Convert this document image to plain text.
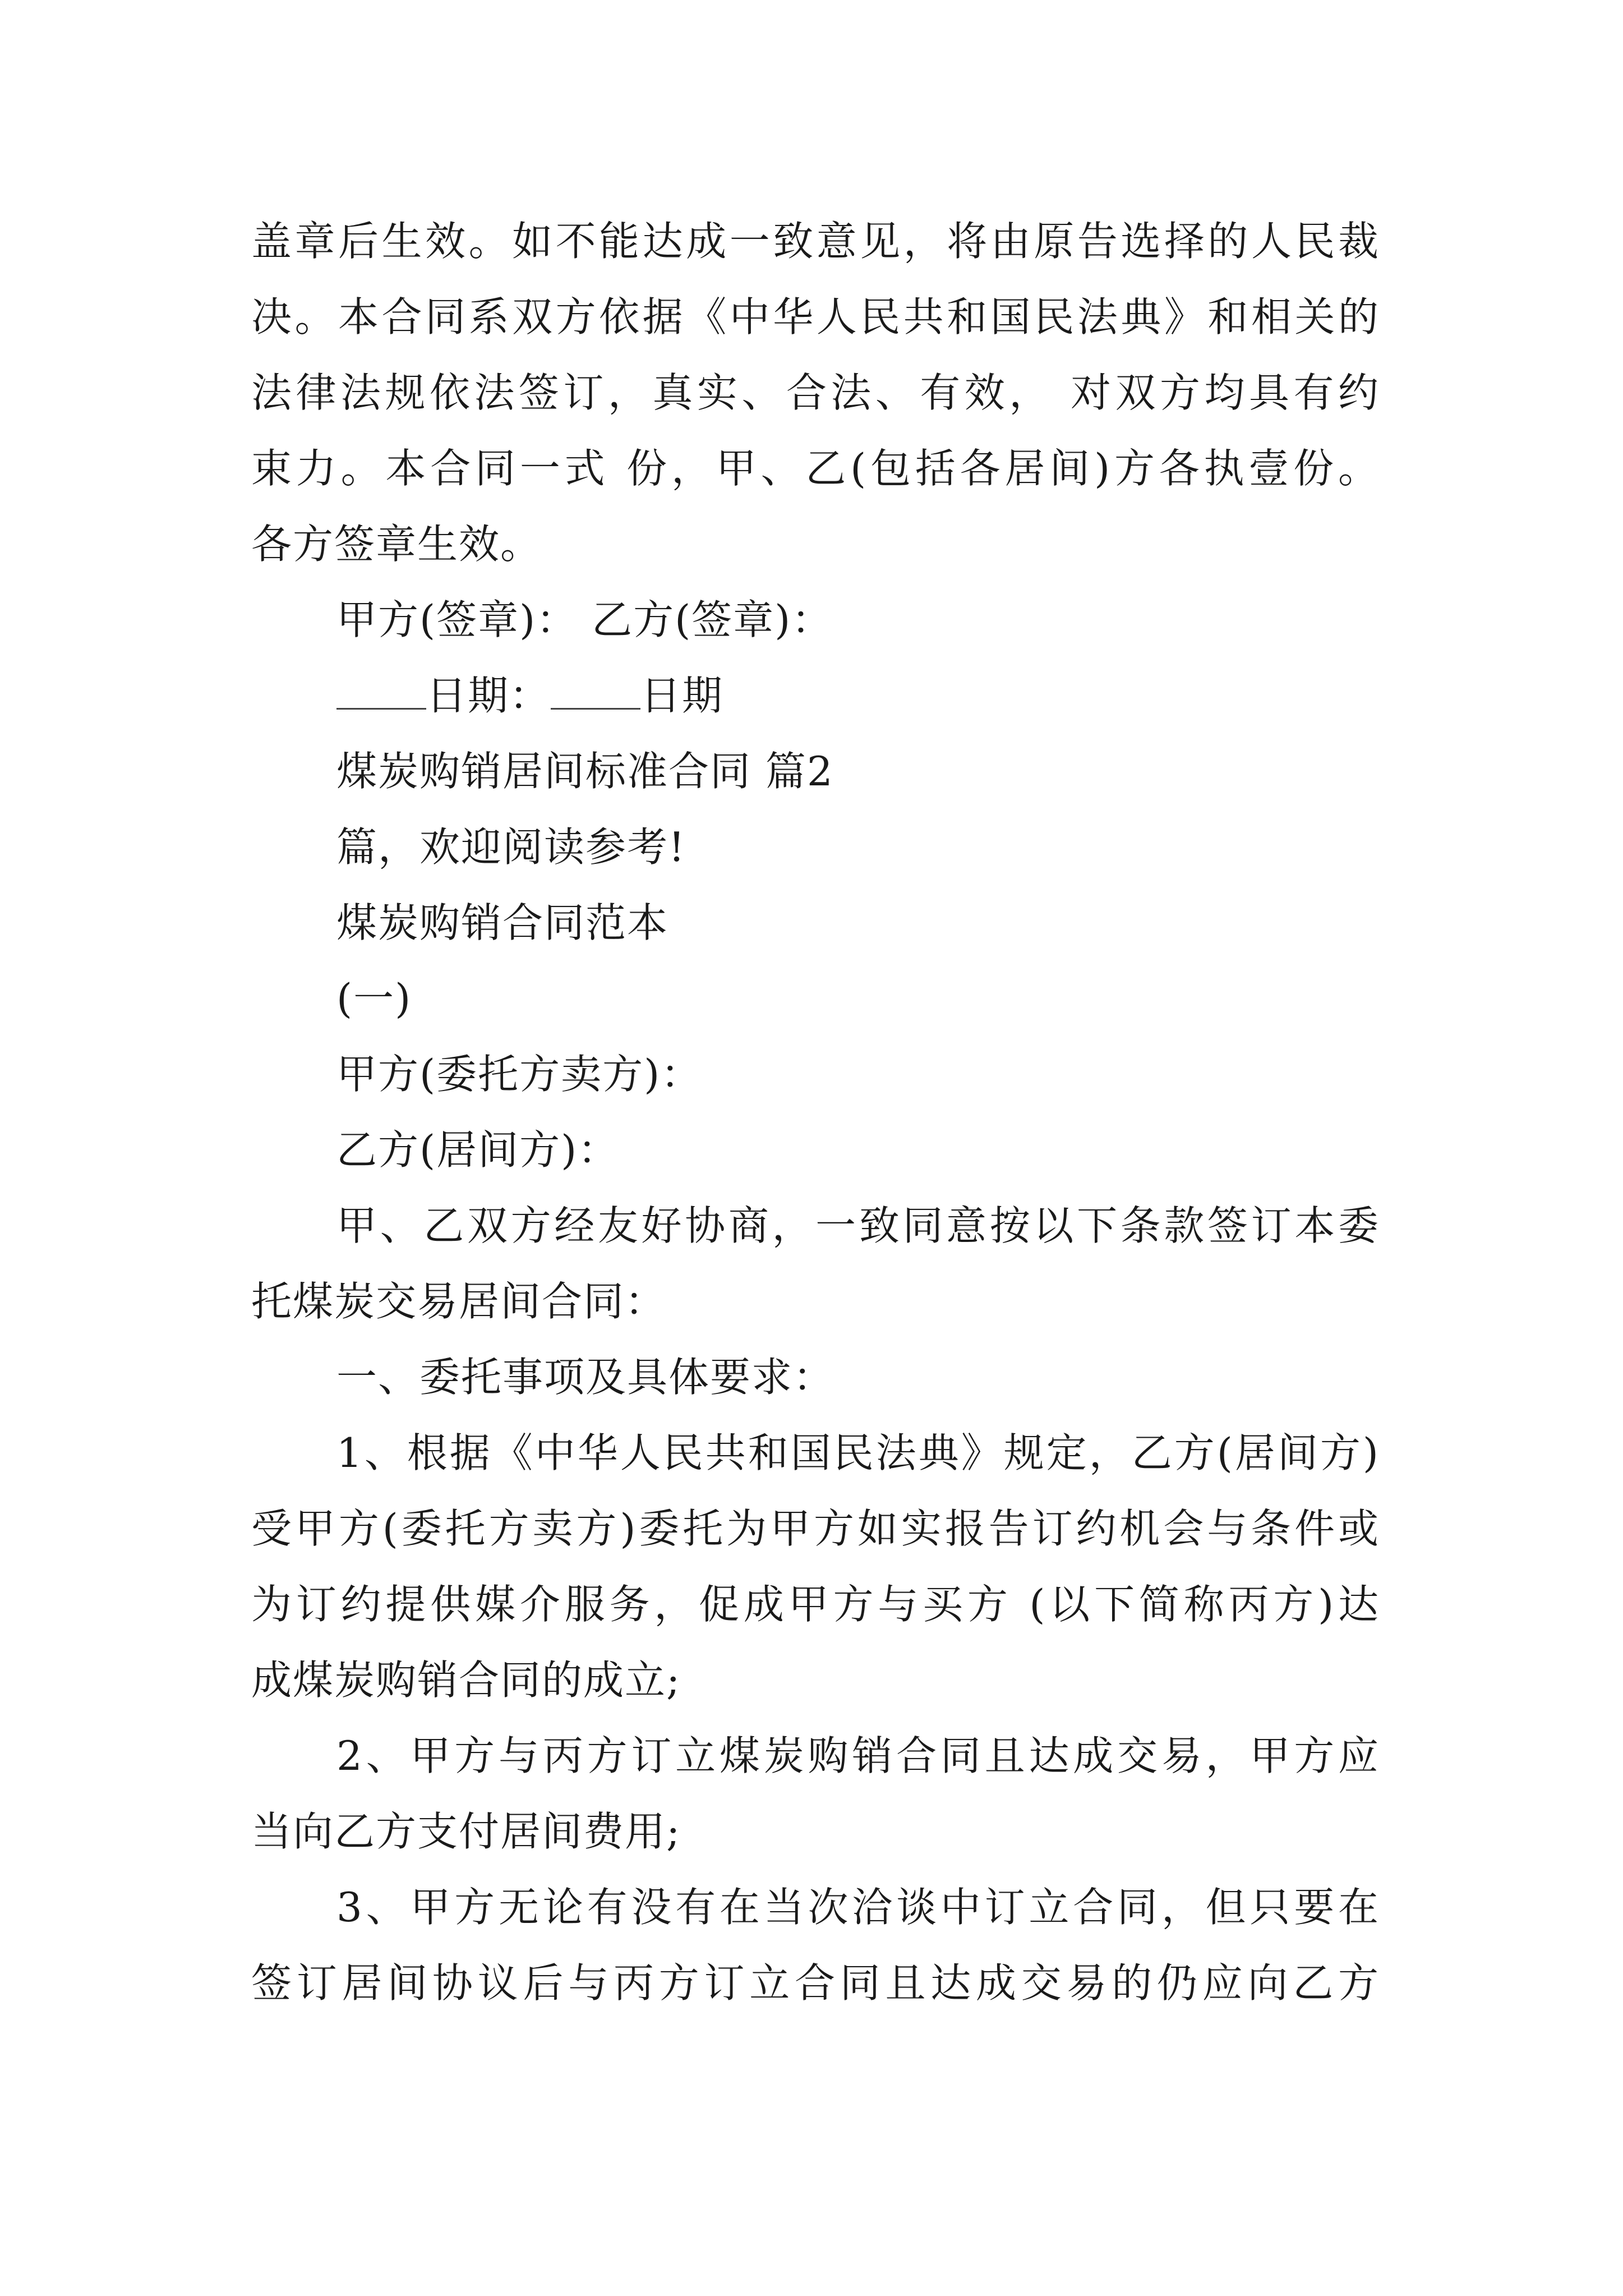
盖章后生效。如不能达成一致意见，将由原告选择的人民裁
决。本合同系双方依据《中华人民共和国民法典》和相关的
法律法规依法签订，真实、合法、有效， 对双方均具有约
束力。本合同一式 份，甲、乙(包括各居间)方各执壹份。
各方签章生效。
甲方(签章)： 乙方(签章)：
日期： 日期
煤炭购销居间标准合同 篇2
篇，欢迎阅读参考!
煤炭购销合同范本
(一)
甲方(委托方卖方)：
乙方(居间方)：
甲、乙双方经友好协商，一致同意按以下条款签订本委
托煤炭交易居间合同：
一、委托事项及具体要求：
1、根据《中华人民共和国民法典》规定，乙方(居间方)
受甲方(委托方卖方)委托为甲方如实报告订约机会与条件或
为订约提供媒介服务，促成甲方与买方 (以下简称丙方)达
成煤炭购销合同的成立;
2、甲方与丙方订立煤炭购销合同且达成交易，甲方应
当向乙方支付居间费用;
3、甲方无论有没有在当次洽谈中订立合同，但只要在
签订居间协议后与丙方订立合同且达成交易的仍应向乙方
